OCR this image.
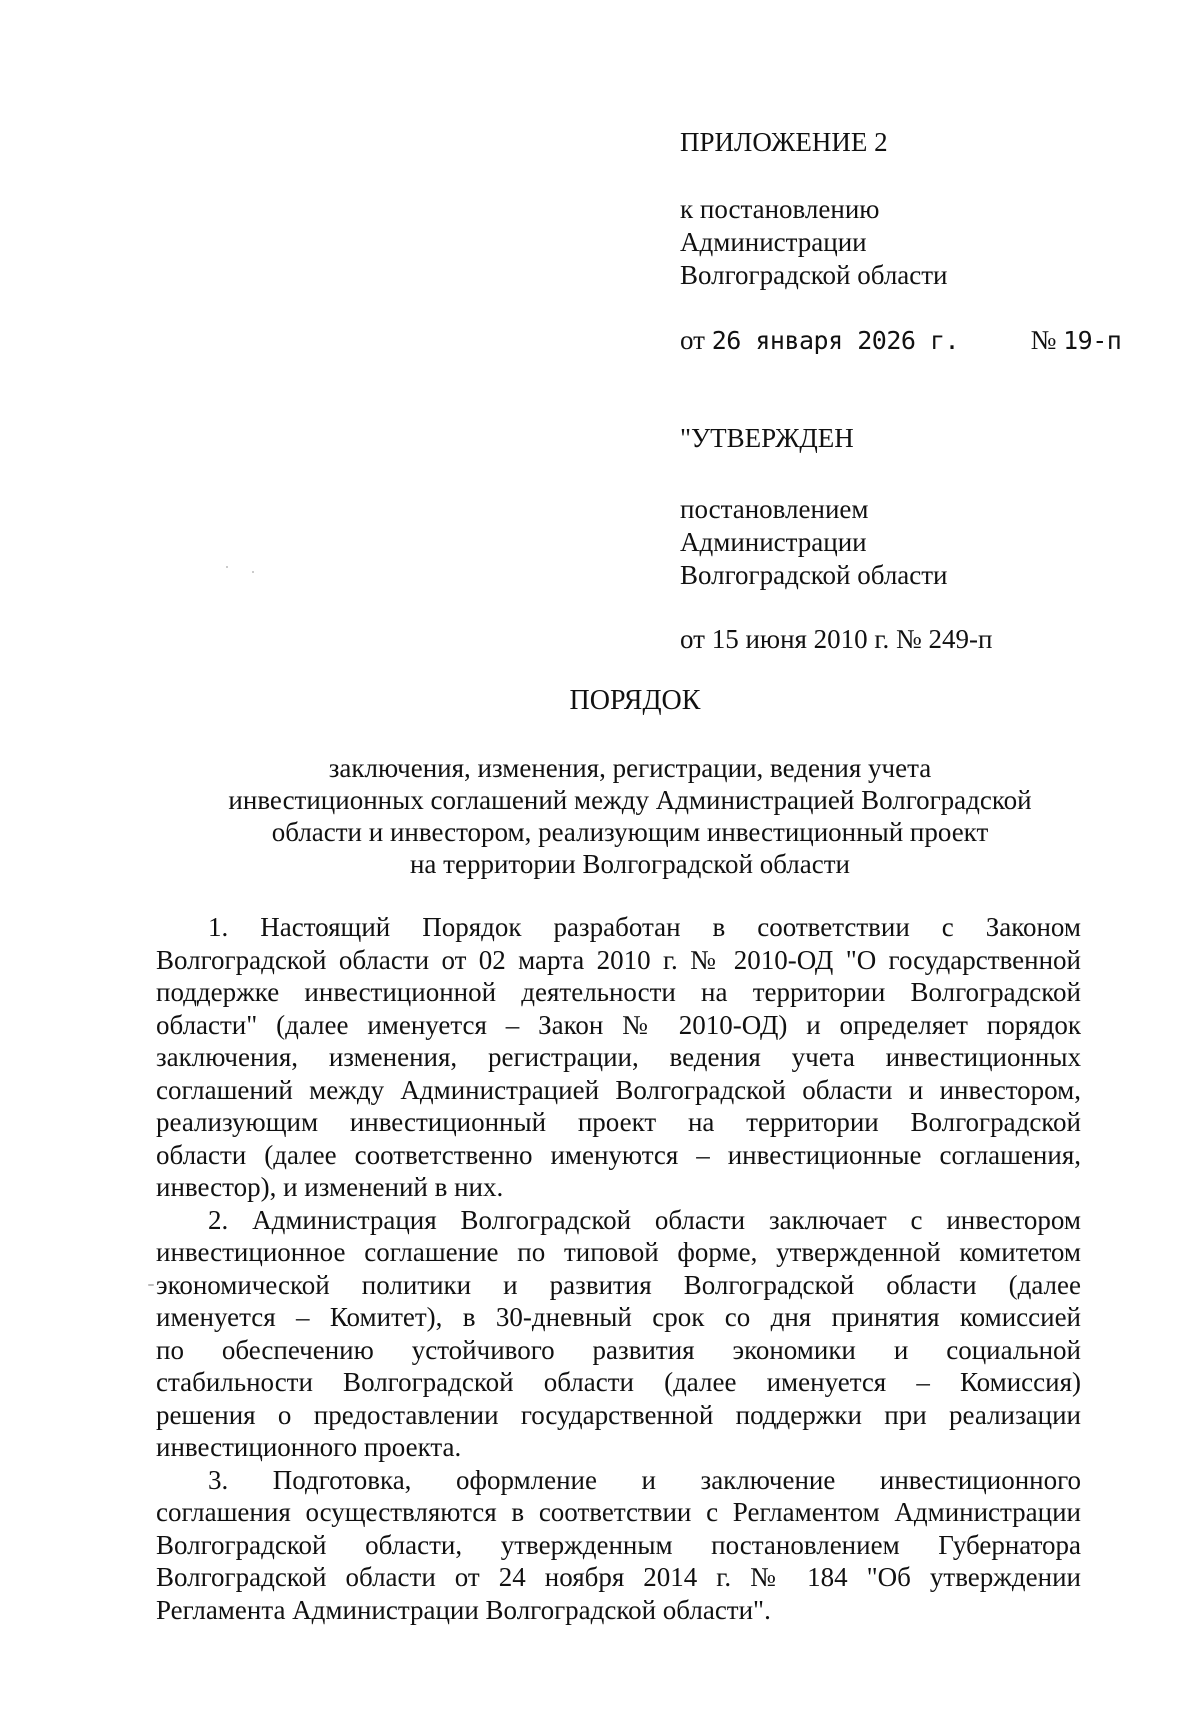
ПРИЛОЖЕНИЕ 2
к постановлению
Администрации
Волгоградской области
от 26 января 2026 г.	№ 19-п
"УТВЕРЖДЕН
постановлением
Администрации
Волгоградской области
от 15 июня 2010 г. № 249-п
ПОРЯДОК
заключения, изменения, регистрации, ведения учета
инвестиционных соглашений между Администрацией Волгоградской
области и инвестором, реализующим инвестиционный проект
на территории Волгоградской области
1. Настоящий Порядок разработан в соответствии с Законом
Волгоградской области от 02 марта 2010 г. № 2010-ОД "О государственной
поддержке инвестиционной деятельности на территории Волгоградской
области" (далее именуется – Закон № 2010-ОД) и определяет порядок
заключения, изменения, регистрации, ведения учета инвестиционных
соглашений между Администрацией Волгоградской области и инвестором,
реализующим инвестиционный проект на территории Волгоградской
области (далее соответственно именуются – инвестиционные соглашения,
инвестор), и изменений в них.
2. Администрация Волгоградской области заключает с инвестором
инвестиционное соглашение по типовой форме, утвержденной комитетом
экономической политики и развития Волгоградской области (далее
именуется – Комитет), в 30-дневный срок со дня принятия комиссией
по обеспечению устойчивого развития экономики и социальной
стабильности Волгоградской области (далее именуется – Комиссия)
решения о предоставлении государственной поддержки при реализации
инвестиционного проекта.
3. Подготовка, оформление и заключение инвестиционного
соглашения осуществляются в соответствии с Регламентом Администрации
Волгоградской области, утвержденным постановлением Губернатора
Волгоградской области от 24 ноября 2014 г. № 184 "Об утверждении
Регламента Администрации Волгоградской области".
